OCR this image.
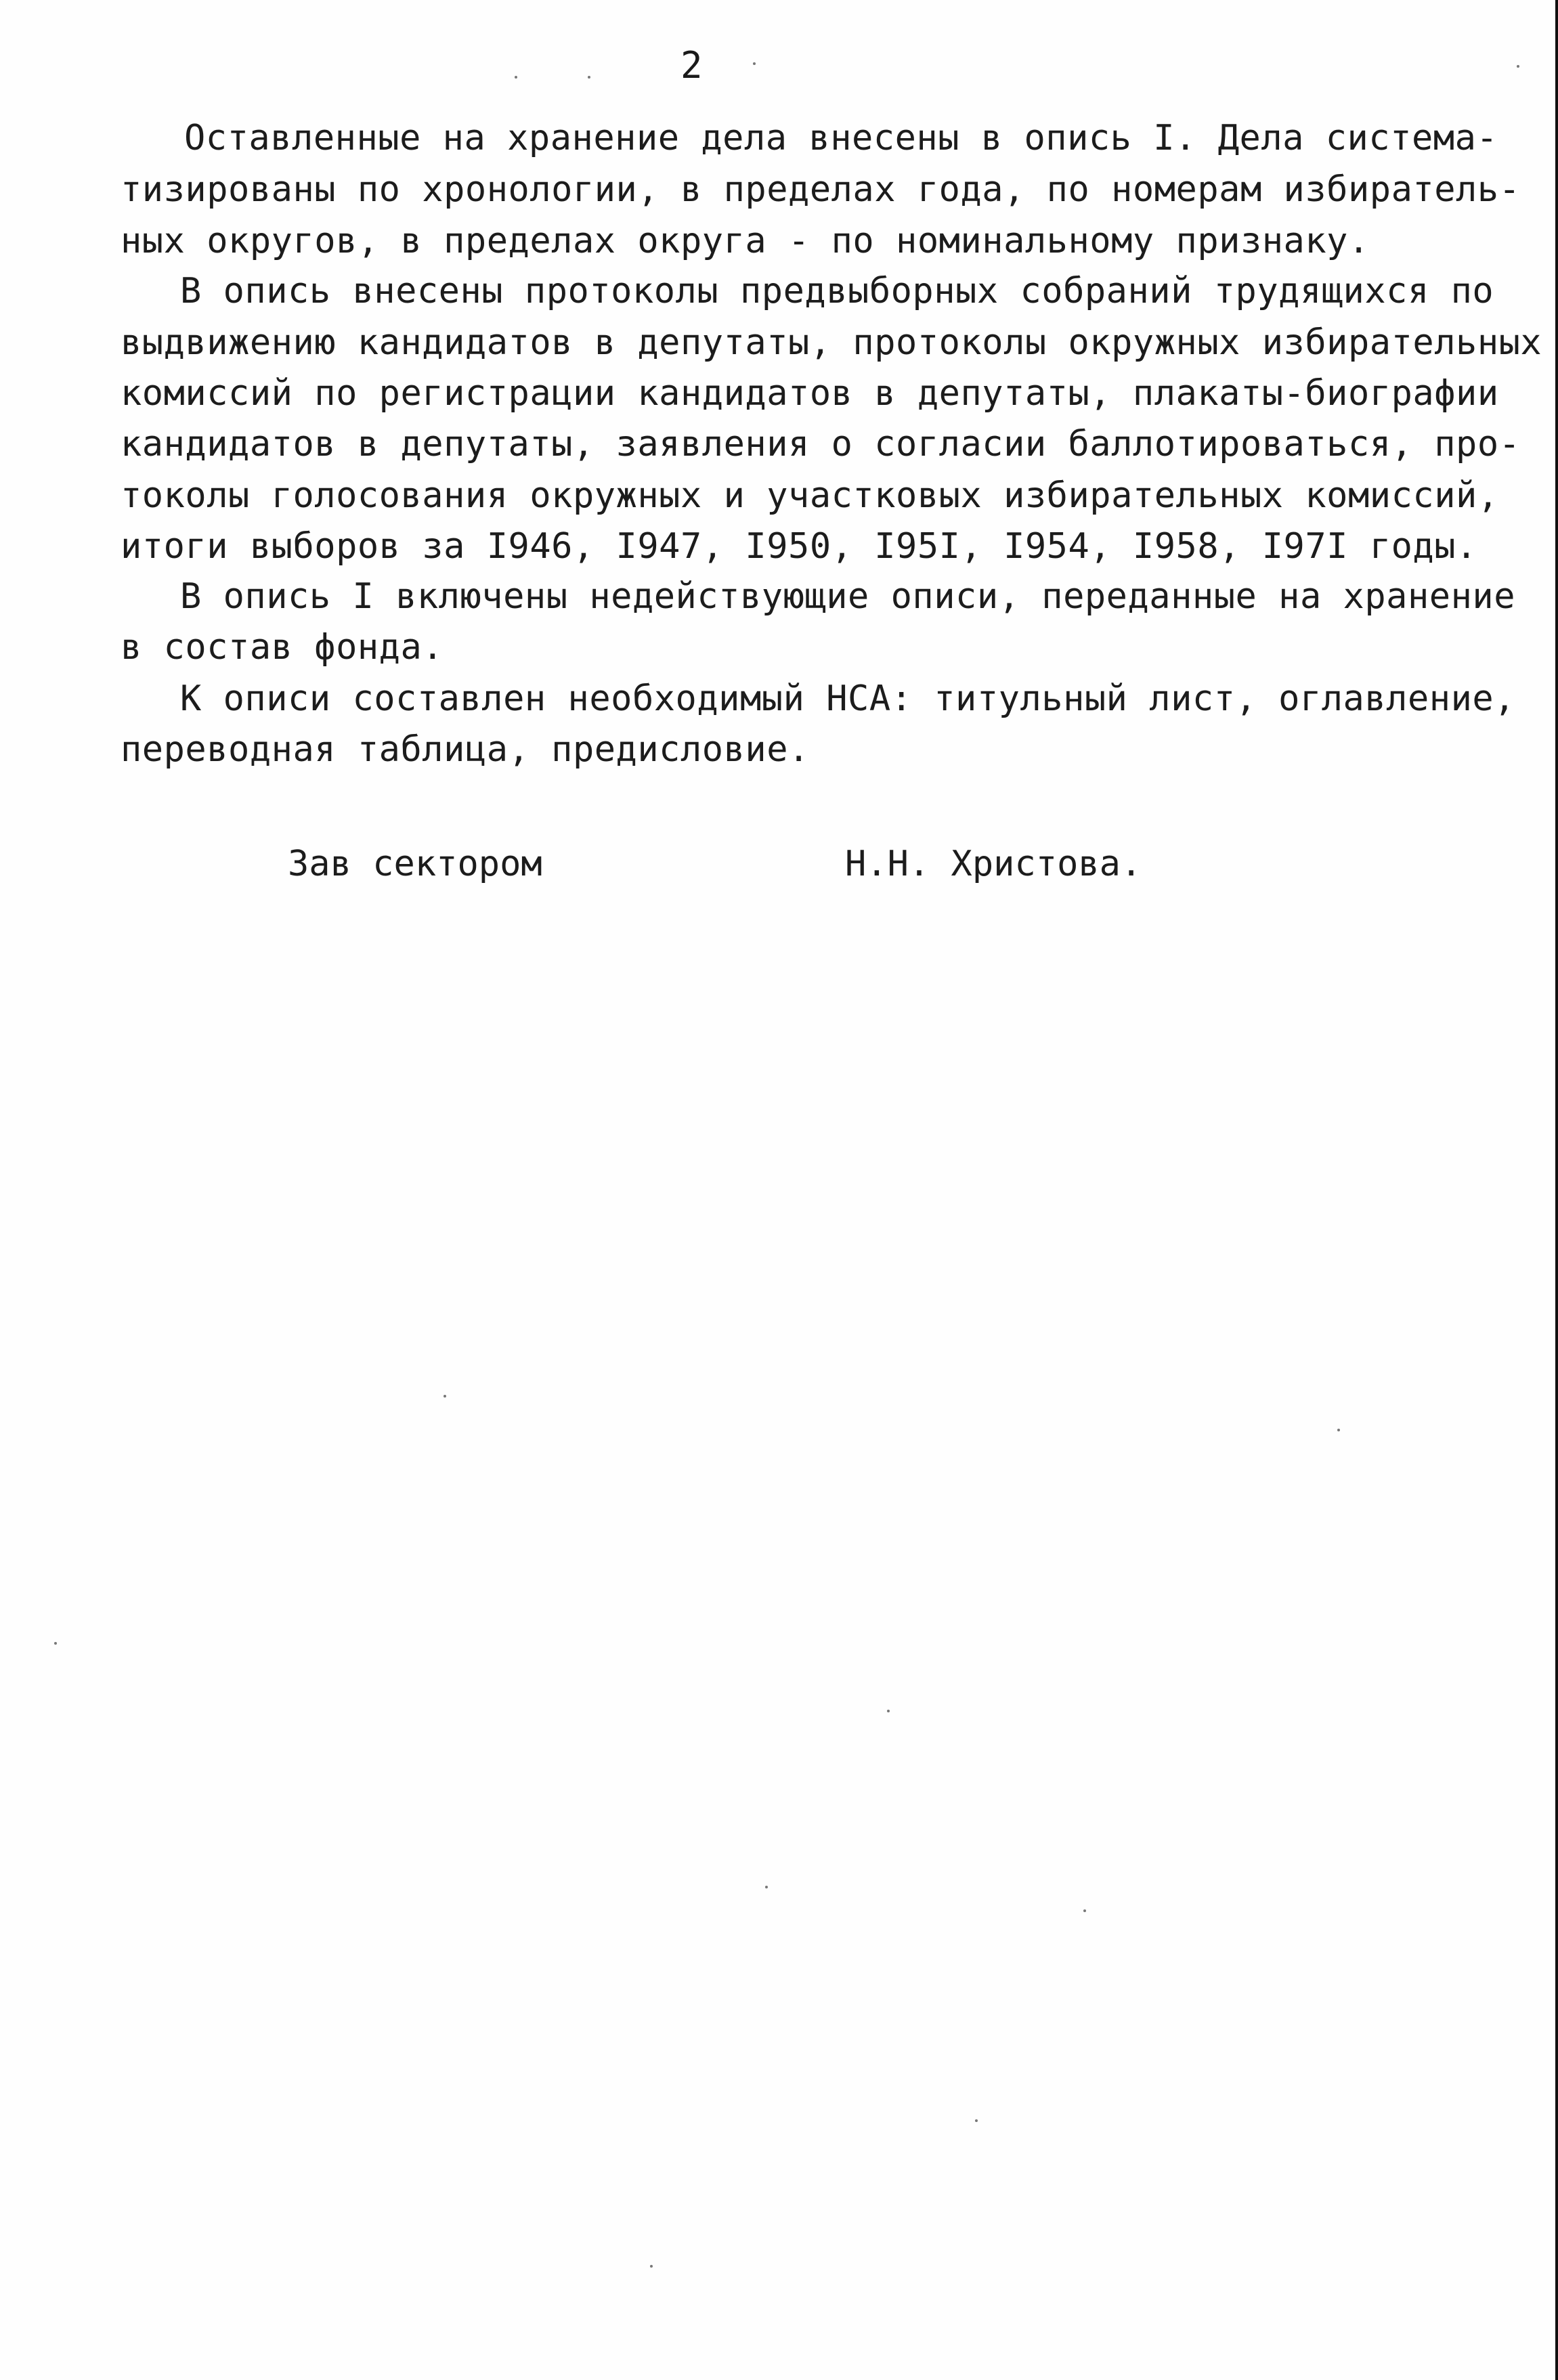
2
Оставленные на хранение дела внесены в опись I. Дела система-
тизированы по хронологии, в пределах года, по номерам избиратель-
ных округов, в пределах округа - по номинальному признаку.
В опись внесены протоколы предвыборных собраний трудящихся по
выдвижению кандидатов в депутаты, протоколы окружных избирательных
комиссий по регистрации кандидатов в депутаты, плакаты-биографии
кандидатов в депутаты, заявления о согласии баллотироваться, про-
токолы голосования окружных и участковых избирательных комиссий,
итоги выборов за I946, I947, I950, I95I, I954, I958, I97I годы.
В опись I включены недействующие описи, переданные на хранение
в состав фонда.
К описи составлен необходимый НСА: титульный лист, оглавление,
переводная таблица, предисловие.
Зав сектором	Н.Н. Христова.
